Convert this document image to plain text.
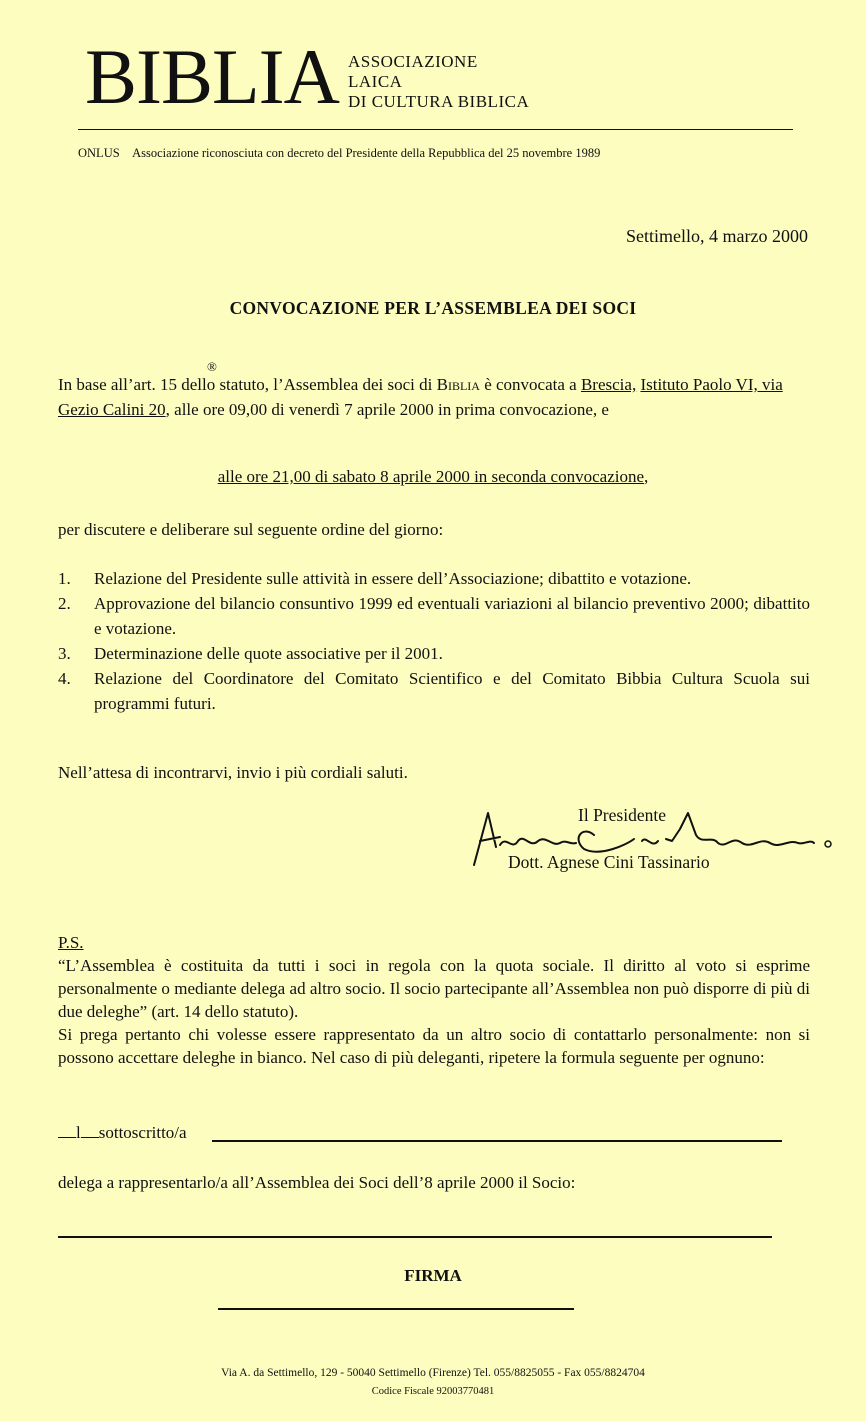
BIBLIA ASSOCIAZIONE
LAICA
DI CULTURA BIBLICA
ONLUS Associazione riconosciuta con decreto del Presidente della Repubblica del 25 novembre 1989
Settimello, 4 marzo 2000
CONVOCAZIONE PER L’ASSEMBLEA DEI SOCI
In base all’art. 15 dello statuto, l’Assemblea dei soci di Biblia è convocata a Brescia, Istituto Paolo VI, via Gezio Calini 20, alle ore 09,00 di venerdì 7 aprile 2000 in prima convocazione, e
®
alle ore 21,00 di sabato 8 aprile 2000 in seconda convocazione,
per discutere e deliberare sul seguente ordine del giorno:
1. Relazione del Presidente sulle attività in essere dell’Associazione; dibattito e votazione.
2. Approvazione del bilancio consuntivo 1999 ed eventuali variazioni al bilancio preventivo 2000; dibattito e votazione.
3. Determinazione delle quote associative per il 2001.
4. Relazione del Coordinatore del Comitato Scientifico e del Comitato Bibbia Cultura Scuola sui programmi futuri.
Nell’attesa di incontrarvi, invio i più cordiali saluti.
Il Presidente
Dott. Agnese Cini Tassinario
P.S.
“L’Assemblea è costituita da tutti i soci in regola con la quota sociale. Il diritto al voto si esprime personalmente o mediante delega ad altro socio. Il socio partecipante all’Assemblea non può disporre di più di due deleghe” (art. 14 dello statuto).
Si prega pertanto chi volesse essere rappresentato da un altro socio di contattarlo personalmente: non si possono accettare deleghe in bianco. Nel caso di più deleganti, ripetere la formula seguente per ognuno:
l sottoscritto/a
delega a rappresentarlo/a all’Assemblea dei Soci dell’8 aprile 2000 il Socio:
FIRMA
Via A. da Settimello, 129 - 50040 Settimello (Firenze) Tel. 055/8825055 - Fax 055/8824704
Codice Fiscale 92003770481
